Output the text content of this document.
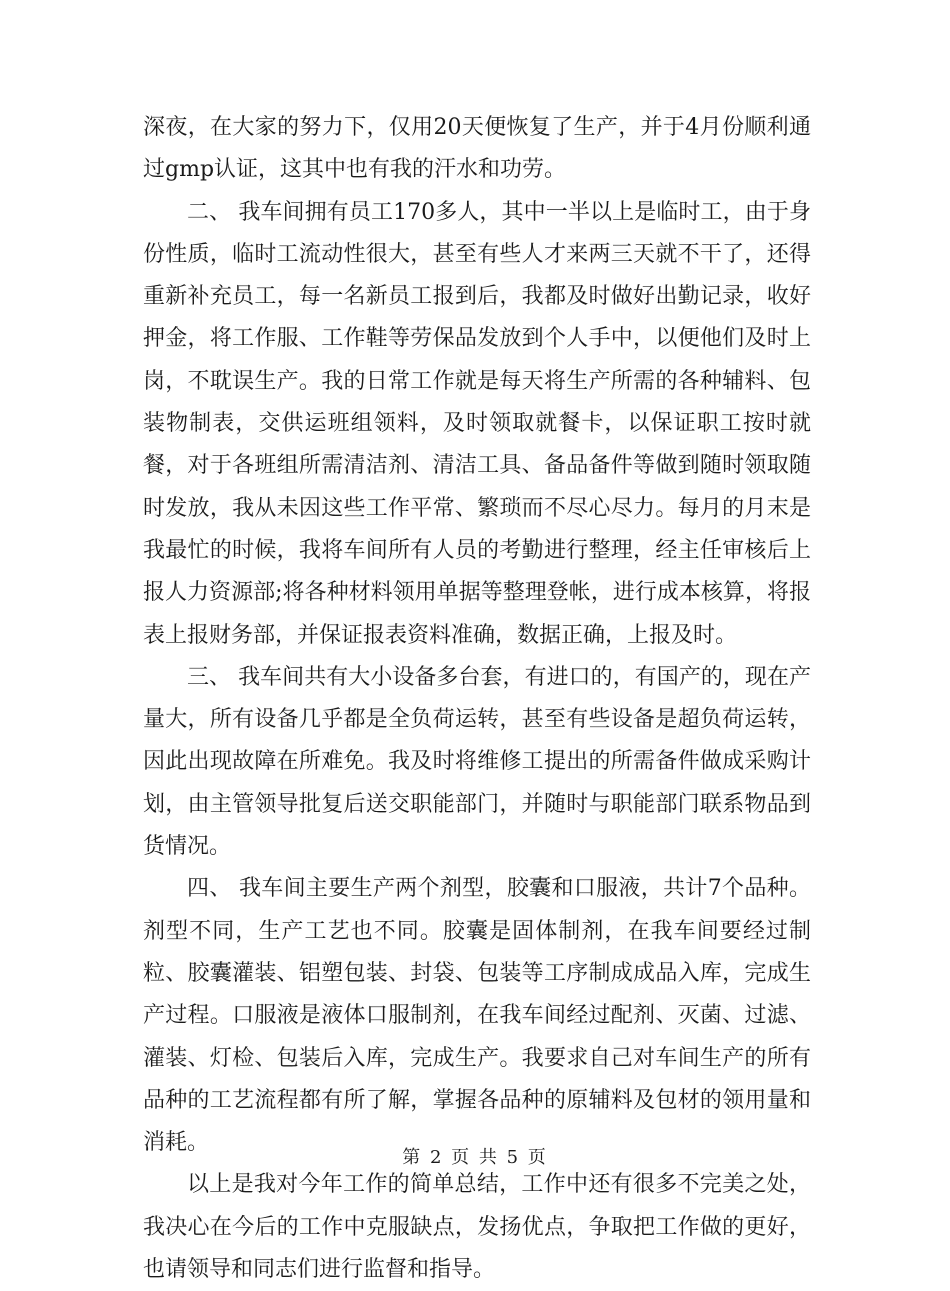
深夜，在大家的努力下，仅用20天便恢复了生产，并于4月份顺利通过gmp认证，这其中也有我的汗水和功劳。

二、 我车间拥有员工170多人，其中一半以上是临时工，由于身份性质，临时工流动性很大，甚至有些人才来两三天就不干了，还得重新补充员工，每一名新员工报到后，我都及时做好出勤记录，收好押金，将工作服、工作鞋等劳保品发放到个人手中，以便他们及时上岗，不耽误生产。我的日常工作就是每天将生产所需的各种辅料、包装物制表，交供运班组领料，及时领取就餐卡，以保证职工按时就餐，对于各班组所需清洁剂、清洁工具、备品备件等做到随时领取随时发放，我从未因这些工作平常、繁琐而不尽心尽力。每月的月末是我最忙的时候，我将车间所有人员的考勤进行整理，经主任审核后上报人力资源部;将各种材料领用单据等整理登帐，进行成本核算，将报表上报财务部，并保证报表资料准确，数据正确，上报及时。

三、 我车间共有大小设备多台套，有进口的，有国产的，现在产量大，所有设备几乎都是全负荷运转，甚至有些设备是超负荷运转，因此出现故障在所难免。我及时将维修工提出的所需备件做成采购计划，由主管领导批复后送交职能部门，并随时与职能部门联系物品到货情况。

四、 我车间主要生产两个剂型，胶囊和口服液，共计7个品种。剂型不同，生产工艺也不同。胶囊是固体制剂，在我车间要经过制粒、胶囊灌装、铝塑包装、封袋、包装等工序制成成品入库，完成生产过程。口服液是液体口服制剂，在我车间经过配剂、灭菌、过滤、灌装、灯检、包装后入库，完成生产。我要求自己对车间生产的所有品种的工艺流程都有所了解，掌握各品种的原辅料及包材的领用量和消耗。

以上是我对今年工作的简单总结，工作中还有很多不完美之处，我决心在今后的工作中克服缺点，发扬优点，争取把工作做的更好，也请领导和同志们进行监督和指导。

第 2 页 共 5 页
